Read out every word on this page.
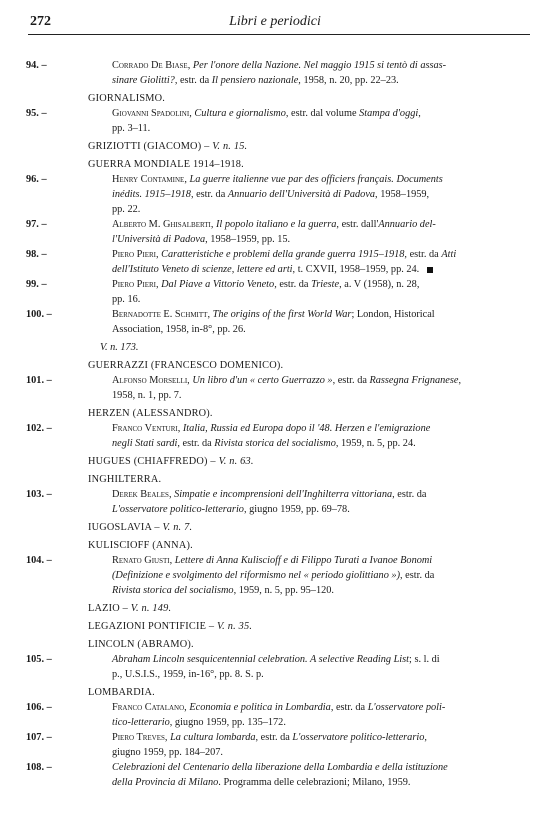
272	Libri e periodici
94. –	Corrado De Biase, Per l'onore della Nazione. Nel maggio 1915 si tentò di assas-
sinare Giolitti?, estr. da Il pensiero nazionale, 1958, n. 20, pp. 22–23.
GIORNALISMO.
95. –	Giovanni Spadolini, Cultura e giornalismo, estr. dal volume Stampa d'oggi,
pp. 3–11.
GRIZIOTTI (GIACOMO) – V. n. 15.
GUERRA MONDIALE 1914–1918.
96. –	Henry Contamine, La guerre italienne vue par des officiers français. Documents
inédits. 1915–1918, estr. da Annuario dell'Università di Padova, 1958–1959,
pp. 22.
97. –	Alberto M. Ghisalberti, Il popolo italiano e la guerra, estr. dall'Annuario del-
l'Università di Padova, 1958–1959, pp. 15.
98. –	Piero Pieri, Caratteristiche e problemi della grande guerra 1915–1918, estr. da Atti
dell'Istituto Veneto di scienze, lettere ed arti, t. CXVII, 1958–1959, pp. 24.
99. –	Piero Pieri, Dal Piave a Vittorio Veneto, estr. da Trieste, a. V (1958), n. 28,
pp. 16.
100. –	Bernadotte E. Schmitt, The origins of the first World War; London, Historical
Association, 1958, in-8°, pp. 26.
V. n. 173.
GUERRAZZI (FRANCESCO DOMENICO).
101. –	Alfonso Morselli, Un libro d'un « certo Guerrazzo », estr. da Rassegna Frignanese,
1958, n. 1, pp. 7.
HERZEN (ALESSANDRO).
102. –	Franco Venturi, Italia, Russia ed Europa dopo il '48. Herzen e l'emigrazione
negli Stati sardi, estr. da Rivista storica del socialismo, 1959, n. 5, pp. 24.
HUGUES (CHIAFFREDO) – V. n. 63.
INGHILTERRA.
103. –	Derek Beales, Simpatie e incomprensioni dell'Inghilterra vittoriana, estr. da
L'osservatore politico-letterario, giugno 1959, pp. 69–78.
IUGOSLAVIA – V. n. 7.
KULISCIOFF (ANNA).
104. –	Renato Giusti, Lettere di Anna Kuliscioff e di Filippo Turati a Ivanoe Bonomi
(Definizione e svolgimento del riformismo nel « periodo giolittiano »), estr. da
Rivista storica del socialismo, 1959, n. 5, pp. 95–120.
LAZIO – V. n. 149.
LEGAZIONI PONTIFICIE – V. n. 35.
LINCOLN (ABRAMO).
105. –	Abraham Lincoln sesquicentennial celebration. A selective Reading List; s. l. di
p., U.S.I.S., 1959, in-16°, pp. 8. S. p.
LOMBARDIA.
106. –	Franco Catalano, Economia e politica in Lombardia, estr. da L'osservatore poli-
tico-letterario, giugno 1959, pp. 135–172.
107. –	Piero Treves, La cultura lombarda, estr. da L'osservatore politico-letterario,
giugno 1959, pp. 184–207.
108. –	Celebrazioni del Centenario della liberazione della Lombardia e della istituzione
della Provincia di Milano. Programma delle celebrazioni; Milano, 1959.
